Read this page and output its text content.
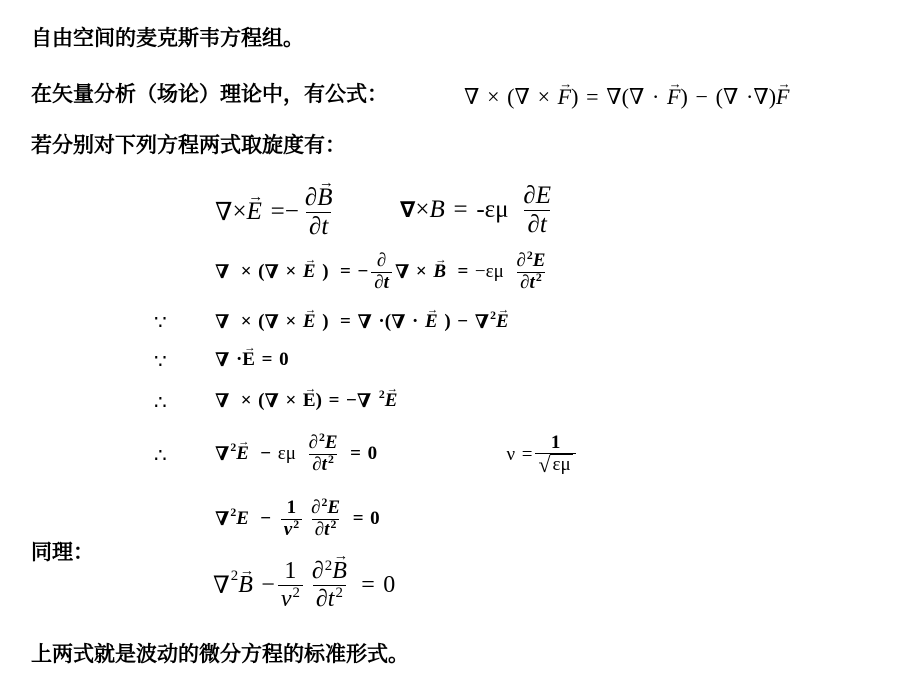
自由空间的麦克斯韦方程组。
在矢量分析（场论）理论中，有公式：	∇ × ( ∇ ×
→ F ) = ∇ ( ∇ ·
→ F ) − ( ∇ · ∇ )
→ F
若分别对下列方程两式取旋度有：
∇ ×
→ E = − $\frac{\partial\to B}{\partial t}$	∇ × $B = -\varepsilon\mu \frac{\partial E}{\partial t}$
∇ × ( ∇ ×
→ E ) = − $\frac{\partial}{\partial t}$ ∇ ×
→ $B = -\varepsilon\mu \frac{\partial^2E}{\partial t^2}$
∵	∇ × ( ∇ ×
→ E ) = ∇ · ( ∇ ·
→ E ) − ∇ 2
→ E
∵	∇ ·
→ E = 0
∴	∇ × ( ∇ ×
→ E ) = − ∇ 2
→ E
∴	∇ 2
→ E − εμ $\frac{\partial^2E}{\partial t^2} = 0$	$\nu = \frac{1}{√ \varepsilon\mu}$
∇ 2 $E - \frac{1}{v^2} \frac{\partial^2E}{\partial t^2} = 0$
同理：
∇ 2
→ $B - \frac{1}{v^2} \frac{\partial^2\to B}{\partial t^2} = 0$
上两式就是波动的微分方程的标准形式。
